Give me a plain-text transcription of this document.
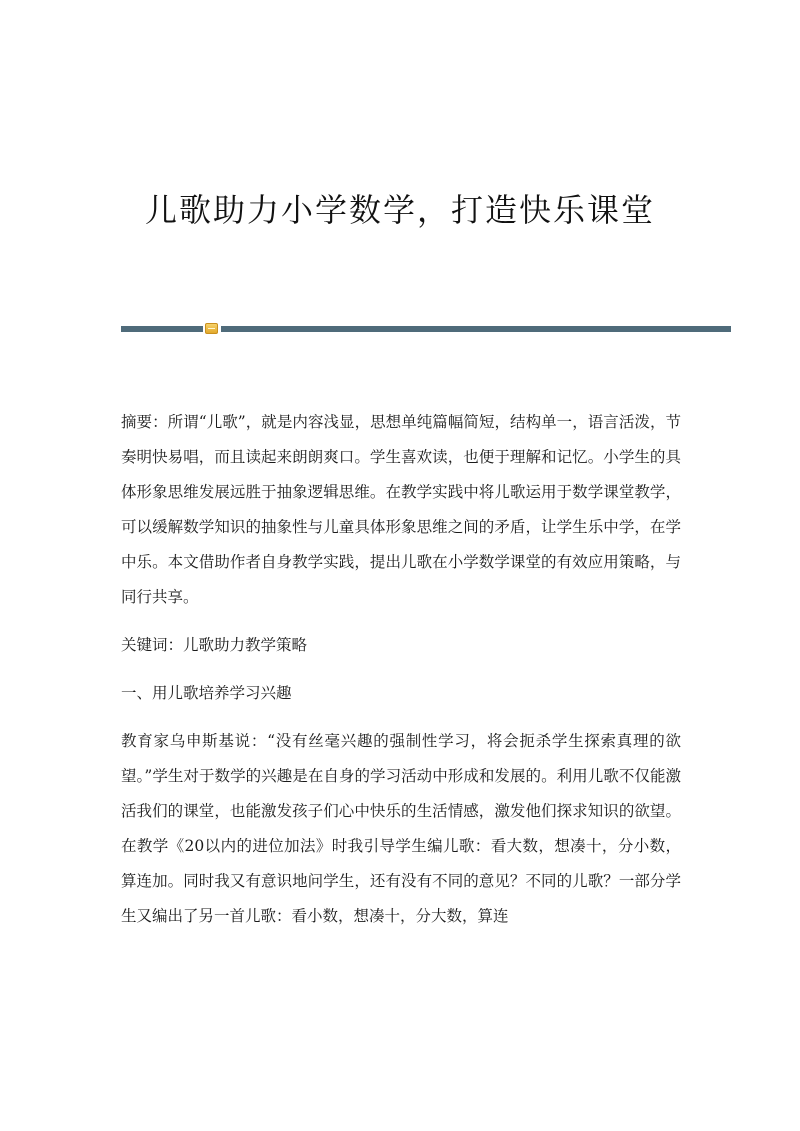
儿歌助力小学数学，打造快乐课堂

摘要：所谓“儿歌”，就是内容浅显，思想单纯篇幅简短，结构单一，语言活泼，节奏明快易唱，而且读起来朗朗爽口。学生喜欢读，也便于理解和记忆。小学生的具体形象思维发展远胜于抽象逻辑思维。在教学实践中将儿歌运用于数学课堂教学，可以缓解数学知识的抽象性与儿童具体形象思维之间的矛盾，让学生乐中学，在学中乐。本文借助作者自身教学实践，提出儿歌在小学数学课堂的有效应用策略，与同行共享。

关键词：儿歌助力教学策略

一、用儿歌培养学习兴趣

教育家乌申斯基说：“没有丝毫兴趣的强制性学习，将会扼杀学生探索真理的欲望。”学生对于数学的兴趣是在自身的学习活动中形成和发展的。利用儿歌不仅能激活我们的课堂，也能激发孩子们心中快乐的生活情感，激发他们探求知识的欲望。在教学《20以内的进位加法》时我引导学生编儿歌：看大数，想凑十，分小数，算连加。同时我又有意识地问学生，还有没有不同的意见？不同的儿歌？一部分学生又编出了另一首儿歌：看小数，想凑十，分大数，算连
